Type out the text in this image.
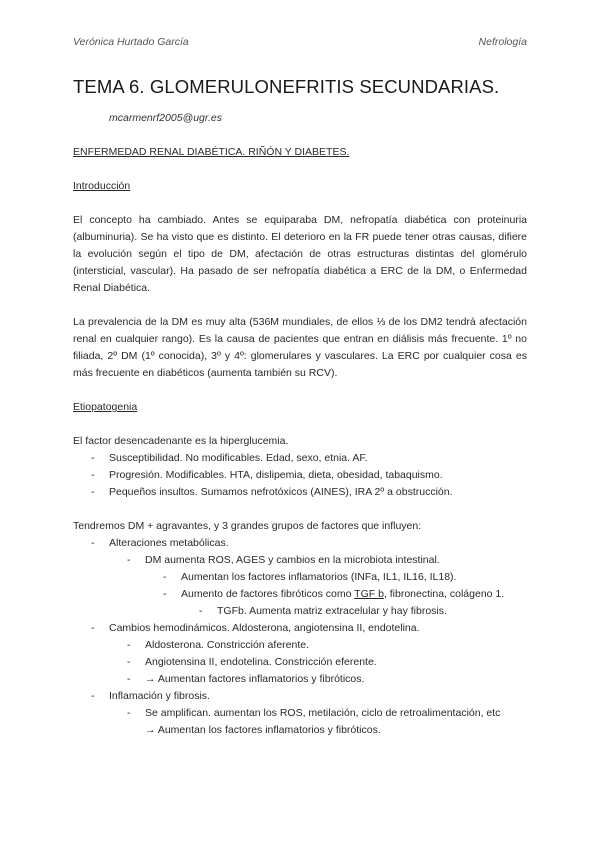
Verónica Hurtado García	Nefrología
TEMA 6. GLOMERULONEFRITIS SECUNDARIAS.
mcarmenrf2005@ugr.es

ENFERMEDAD RENAL DIABÉTICA. RIÑÓN Y DIABETES.

Introducción

El concepto ha cambiado. Antes se equiparaba DM, nefropatía diabética con proteinuria (albuminuria). Se ha visto que es distinto. El deterioro en la FR puede tener otras causas, difiere la evolución según el tipo de DM, afectación de otras estructuras distintas del glomérulo (intersticial, vascular). Ha pasado de ser nefropatía diabética a ERC de la DM, o Enfermedad Renal Diabética.

La prevalencia de la DM es muy alta (536M mundiales, de ellos ⅓ de los DM2 tendrá afectación renal en cualquier rango). Es la causa de pacientes que entran en diálisis más frecuente. 1º no filiada, 2º DM (1º conocida), 3º y 4º: glomerulares y vasculares. La ERC por cualquier cosa es más frecuente en diabéticos (aumenta también su RCV).

Etiopatogenia

El factor desencadenante es la hiperglucemia.

- Susceptibilidad. No modificables. Edad, sexo, etnia. AF.

- Progresión. Modificables. HTA, dislipemia, dieta, obesidad, tabaquismo.

- Pequeños insultos. Sumamos nefrotóxicos (AINES), IRA 2º a obstrucción.

Tendremos DM + agravantes, y 3 grandes grupos de factores que influyen:

- Alteraciones metabólicas.

- DM aumenta ROS, AGES y cambios en la microbiota intestinal.

- Aumentan los factores inflamatorios (INFa, IL1, IL16, IL18).

- Aumento de factores fibróticos como TGF b, fibronectina, colágeno 1.

- TGFb. Aumenta matriz extracelular y hay fibrosis.

- Cambios hemodinámicos. Aldosterona, angiotensina II, endotelina.

- Aldosterona. Constricción aferente.

- Angiotensina II, endotelina. Constricción eferente.

- → Aumentan factores inflamatorios y fibróticos.

- Inflamación y fibrosis.

- Se amplifican. aumentan los ROS, metilación, ciclo de retroalimentación, etc

→ Aumentan los factores inflamatorios y fibróticos.
